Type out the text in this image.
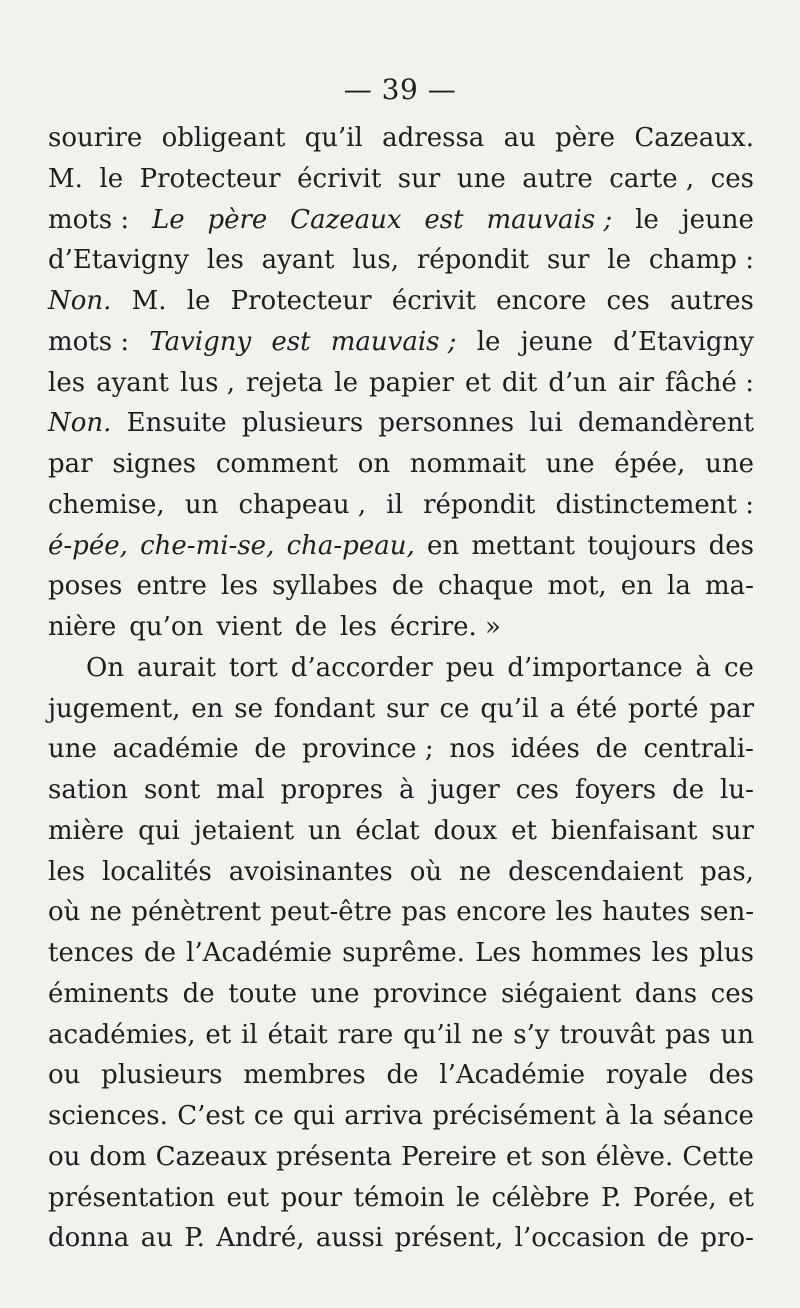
— 39 —
sourire obligeant qu’il adressa au père Cazeaux.
M. le Protecteur écrivit sur une autre carte , ces
mots : Le père Cazeaux est mauvais ; le jeune
d’Etavigny les ayant lus, répondit sur le champ :
Non. M. le Protecteur écrivit encore ces autres
mots : Tavigny est mauvais ; le jeune d’Etavigny
les ayant lus , rejeta le papier et dit d’un air fâché :
Non. Ensuite plusieurs personnes lui demandèrent
par signes comment on nommait une épée, une
chemise, un chapeau , il répondit distinctement :
é-pée, che-mi-se, cha-peau, en mettant toujours des
poses entre les syllabes de chaque mot, en la ma-
nière qu’on vient de les écrire. »
On aurait tort d’accorder peu d’importance à ce
jugement, en se fondant sur ce qu’il a été porté par
une académie de province ; nos idées de centrali-
sation sont mal propres à juger ces foyers de lu-
mière qui jetaient un éclat doux et bienfaisant sur
les localités avoisinantes où ne descendaient pas,
où ne pénètrent peut-être pas encore les hautes sen-
tences de l’Académie suprême. Les hommes les plus
éminents de toute une province siégaient dans ces
académies, et il était rare qu’il ne s’y trouvât pas un
ou plusieurs membres de l’Académie royale des
sciences. C’est ce qui arriva précisément à la séance
ou dom Cazeaux présenta Pereire et son élève. Cette
présentation eut pour témoin le célèbre P. Porée, et
donna au P. André, aussi présent, l’occasion de pro-
